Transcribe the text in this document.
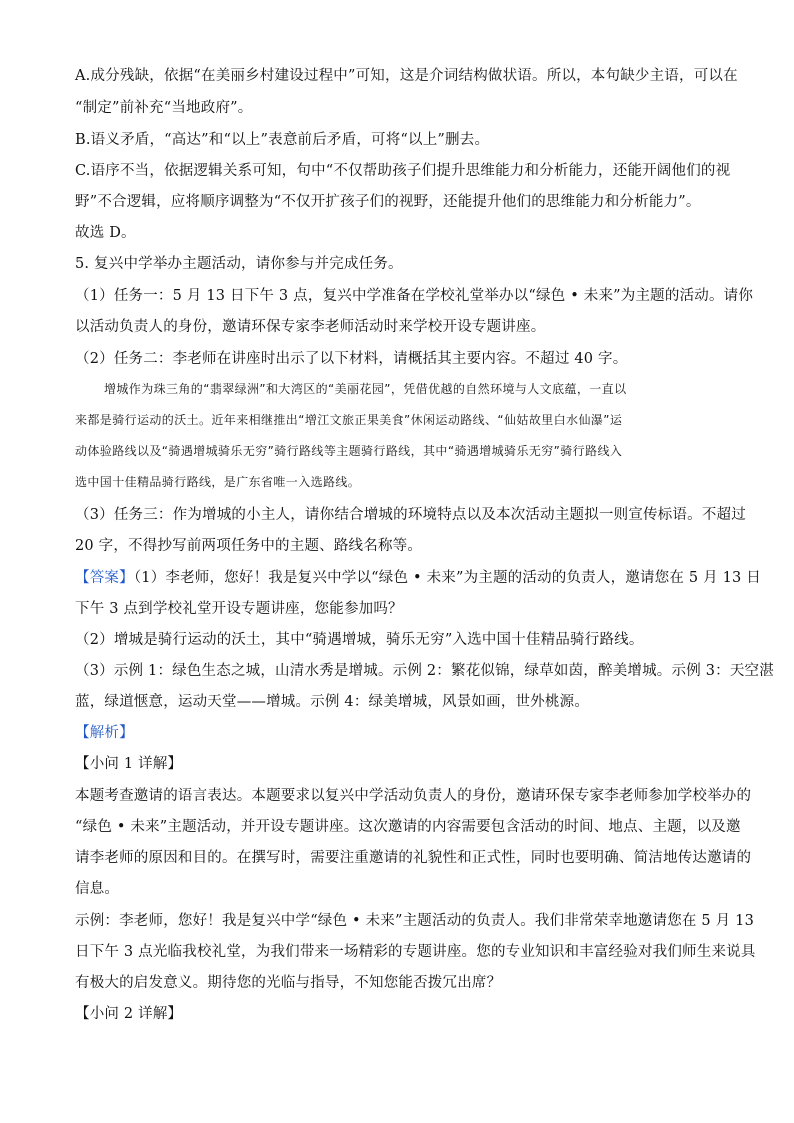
A.成分残缺，依据“在美丽乡村建设过程中”可知，这是介词结构做状语。所以，本句缺少主语，可以在
“制定”前补充“当地政府”。
B.语义矛盾，“高达”和“以上”表意前后矛盾，可将“以上”删去。
C.语序不当，依据逻辑关系可知，句中“不仅帮助孩子们提升思维能力和分析能力，还能开阔他们的视
野”不合逻辑，应将顺序调整为“不仅开扩孩子们的视野，还能提升他们的思维能力和分析能力”。
故选 D。
5. 复兴中学举办主题活动，请你参与并完成任务。
（1）任务一：5 月 13 日下午 3 点，复兴中学准备在学校礼堂举办以“绿色 • 未来”为主题的活动。请你
以活动负责人的身份，邀请环保专家李老师活动时来学校开设专题讲座。
（2）任务二：李老师在讲座时出示了以下材料，请概括其主要内容。不超过 40 字。
增城作为珠三角的“翡翠绿洲”和大湾区的“美丽花园”，凭借优越的自然环境与人文底蕴，一直以
来都是骑行运动的沃土。近年来相继推出“增江文旅正果美食”休闲运动路线、“仙姑故里白水仙瀑”运
动体验路线以及“骑遇增城骑乐无穷”骑行路线等主题骑行路线，其中“骑遇增城骑乐无穷”骑行路线入
选中国十佳精品骑行路线，是广东省唯一入选路线。
（3）任务三：作为增城的小主人，请你结合增城的环境特点以及本次活动主题拟一则宣传标语。不超过
20 字，不得抄写前两项任务中的主题、路线名称等。
【答案】（1）李老师，您好！我是复兴中学以“绿色 • 未来”为主题的活动的负责人，邀请您在 5 月 13 日
下午 3 点到学校礼堂开设专题讲座，您能参加吗？
（2）增城是骑行运动的沃土，其中“骑遇增城，骑乐无穷”入选中国十佳精品骑行路线。
（3）示例 1：绿色生态之城，山清水秀是增城。示例 2：繁花似锦，绿草如茵，醉美增城。示例 3：天空湛
蓝，绿道惬意，运动天堂——增城。示例 4：绿美增城，风景如画，世外桃源。
【解析】
【小问 1 详解】
本题考查邀请的语言表达。本题要求以复兴中学活动负责人的身份，邀请环保专家李老师参加学校举办的
“绿色 • 未来”主题活动，并开设专题讲座。这次邀请的内容需要包含活动的时间、地点、主题，以及邀
请李老师的原因和目的。在撰写时，需要注重邀请的礼貌性和正式性，同时也要明确、简洁地传达邀请的
信息。
示例：李老师，您好！我是复兴中学“绿色 • 未来”主题活动的负责人。我们非常荣幸地邀请您在 5 月 13
日下午 3 点光临我校礼堂，为我们带来一场精彩的专题讲座。您的专业知识和丰富经验对我们师生来说具
有极大的启发意义。期待您的光临与指导，不知您能否拨冗出席？
【小问 2 详解】
